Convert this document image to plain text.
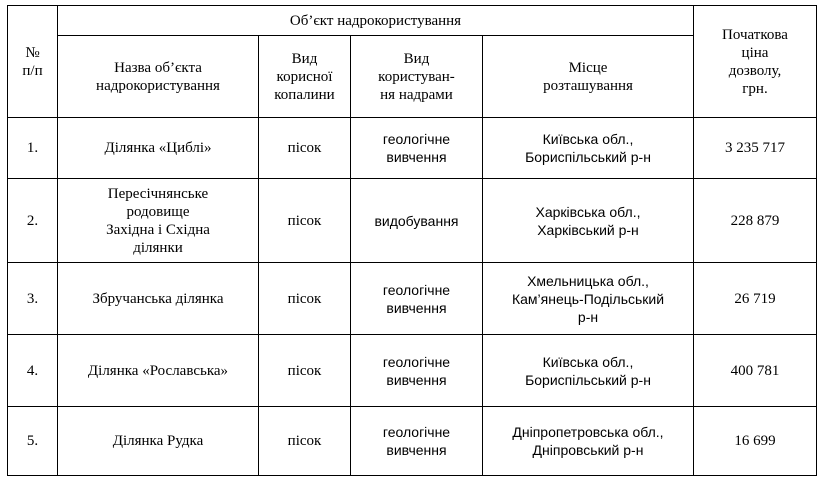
№
п/п	Об’єкт надрокористування				Початкова
ціна
дозволу,
грн.
	Назва об’єкта
надрокористування	Вид
корисної
копалини	Вид
користуван-
ня надрами	Місце
розташування	
1.	Ділянка «Циблі»	пісок	геологічне
вивчення	Київська обл.,
Бориспільський р-н	3 235 717
2.	Пересічнянське
родовище
Західна і Східна
ділянки	пісок	видобування	Харківська обл.,
Харківський р-н	228 879
3.	Збручанська ділянка	пісок	геологічне
вивчення	Хмельницька обл.,
Кам’янець-Подільський
р-н	26 719
4.	Ділянка «Рославська»	пісок	геологічне
вивчення	Київська обл.,
Бориспільський р-н	400 781
5.	Ділянка Рудка	пісок	геологічне
вивчення	Дніпропетровська обл.,
Дніпровський р-н	16 699
